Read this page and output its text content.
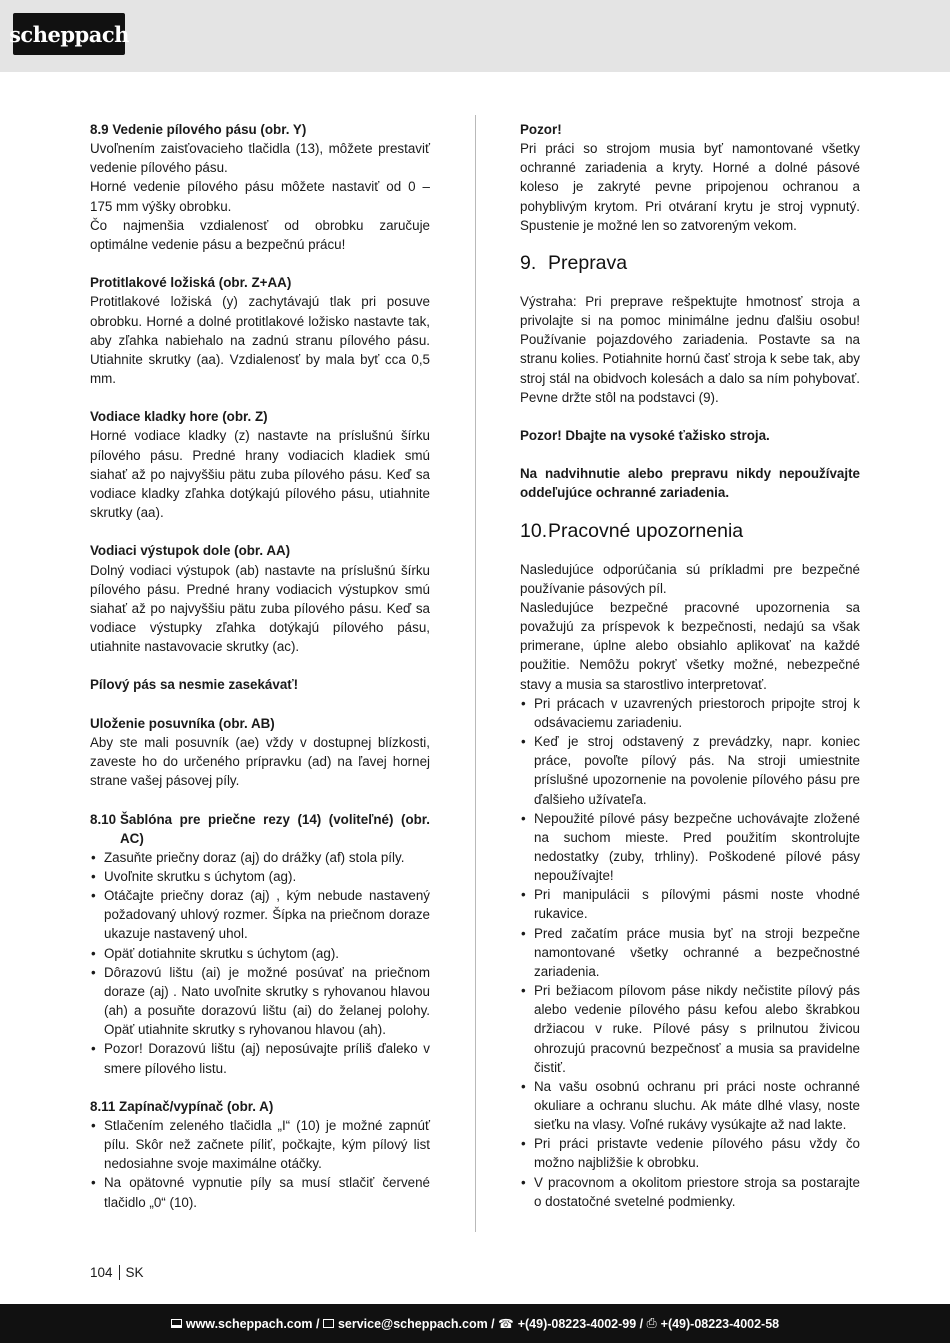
scheppach

8.9 Vedenie pílového pásu (obr. Y)

Uvoľnením zaisťovacieho tlačidla (13), môžete prestaviť vedenie pílového pásu.

Horné vedenie pílového pásu môžete nastaviť od 0 – 175 mm výšky obrobku.

Čo najmenšia vzdialenosť od obrobku zaručuje optimálne vedenie pásu a bezpečnú prácu!

Protitlakové ložiská (obr. Z+AA)

Protitlakové ložiská (y) zachytávajú tlak pri posuve obrobku. Horné a dolné protitlakové ložisko nastavte tak, aby zľahka nabiehalo na zadnú stranu pílového pásu. Utiahnite skrutky (aa). Vzdialenosť by mala byť cca 0,5 mm.

Vodiace kladky hore (obr. Z)

Horné vodiace kladky (z) nastavte na príslušnú šírku pílového pásu. Predné hrany vodiacich kladiek smú siahať až po najvyššiu pätu zuba pílového pásu. Keď sa vodiace kladky zľahka dotýkajú pílového pásu, utiahnite skrutky (aa).

Vodiaci výstupok dole (obr. AA)

Dolný vodiaci výstupok (ab) nastavte na príslušnú šírku pílového pásu. Predné hrany vodiacich výstupkov smú siahať až po najvyššiu pätu zuba pílového pásu. Keď sa vodiace výstupky zľahka dotýkajú pílového pásu, utiahnite nastavovacie skrutky (ac).

Pílový pás sa nesmie zasekávať!

Uloženie posuvníka (obr. AB)

Aby ste mali posuvník (ae) vždy v dostupnej blízkosti, zaveste ho do určeného prípravku (ad) na ľavej hornej strane vašej pásovej píly.

8.10 Šablóna pre priečne rezy (14) (voliteľné) (obr. AC)
• Zasuňte priečny doraz (aj) do drážky (af) stola píly.
• Uvoľnite skrutku s úchytom (ag).
• Otáčajte priečny doraz (aj) , kým nebude nastavený požadovaný uhlový rozmer. Šípka na priečnom doraze ukazuje nastavený uhol.
• Opäť dotiahnite skrutku s úchytom (ag).
• Dôrazovú lištu (ai) je možné posúvať na priečnom doraze (aj) . Nato uvoľnite skrutky s ryhovanou hlavou (ah) a posuňte dorazovú lištu (ai) do želanej polohy. Opäť utiahnite skrutky s ryhovanou hlavou (ah).
• Pozor! Dorazovú lištu (aj) neposúvajte príliš ďaleko v smere pílového listu.

8.11 Zapínač/vypínač (obr. A)

• Stlačením zeleného tlačidla „I“ (10) je možné zapnúť pílu. Skôr než začnete píliť, počkajte, kým pílový list nedosiahne svoje maximálne otáčky.
• Na opätovné vypnutie píly sa musí stlačiť červené tlačidlo „0“ (10).

Pozor!

Pri práci so strojom musia byť namontované všetky ochranné zariadenia a kryty. Horné a dolné pásové koleso je zakryté pevne pripojenou ochranou a pohyblivým krytom. Pri otváraní krytu je stroj vypnutý. Spustenie je možné len so zatvoreným vekom.

9. Preprava

Výstraha: Pri preprave rešpektujte hmotnosť stroja a privolajte si na pomoc minimálne jednu ďalšiu osobu! Používanie pojazdového zariadenia. Postavte sa na stranu kolies. Potiahnite hornú časť stroja k sebe tak, aby stroj stál na obidvoch kolesách a dalo sa ním pohybovať. Pevne držte stôl na podstavci (9).

Pozor! Dbajte na vysoké ťažisko stroja.

Na nadvihnutie alebo prepravu nikdy nepoužívajte oddeľujúce ochranné zariadenia.

10. Pracovné upozornenia

Nasledujúce odporúčania sú príkladmi pre bezpečné používanie pásových píl.

Nasledujúce bezpečné pracovné upozornenia sa považujú za príspevok k bezpečnosti, nedajú sa však primerane, úplne alebo obsiahlo aplikovať na každé použitie. Nemôžu pokryť všetky možné, nebezpečné stavy a musia sa starostlivo interpretovať.

• Pri prácach v uzavrených priestoroch pripojte stroj k odsávaciemu zariadeniu.
• Keď je stroj odstavený z prevádzky, napr. koniec práce, povoľte pílový pás. Na stroji umiestnite príslušné upozornenie na povolenie pílového pásu pre ďalšieho užívateľa.
• Nepoužité pílové pásy bezpečne uchovávajte zložené na suchom mieste. Pred použitím skontrolujte nedostatky (zuby, trhliny). Poškodené pílové pásy nepoužívajte!
• Pri manipulácii s pílovými pásmi noste vhodné rukavice.
• Pred začatím práce musia byť na stroji bezpečne namontované všetky ochranné a bezpečnostné zariadenia.
• Pri bežiacom pílovom páse nikdy nečistite pílový pás alebo vedenie pílového pásu kefou alebo škrabkou držiacou v ruke. Pílové pásy s prilnutou živicou ohrozujú pracovnú bezpečnosť a musia sa pravidelne čistiť.
• Na vašu osobnú ochranu pri práci noste ochranné okuliare a ochranu sluchu. Ak máte dlhé vlasy, noste sieťku na vlasy. Voľné rukávy vysúkajte až nad lakte.
• Pri práci pristavte vedenie pílového pásu vždy čo možno najbližšie k obrobku.
• V pracovnom a okolitom priestore stroja sa postarajte o dostatočné svetelné podmienky.
104 SK
www.scheppach.com / service@scheppach.com / ☎ +(49)-08223-4002-99 / ⎙ +(49)-08223-4002-58
